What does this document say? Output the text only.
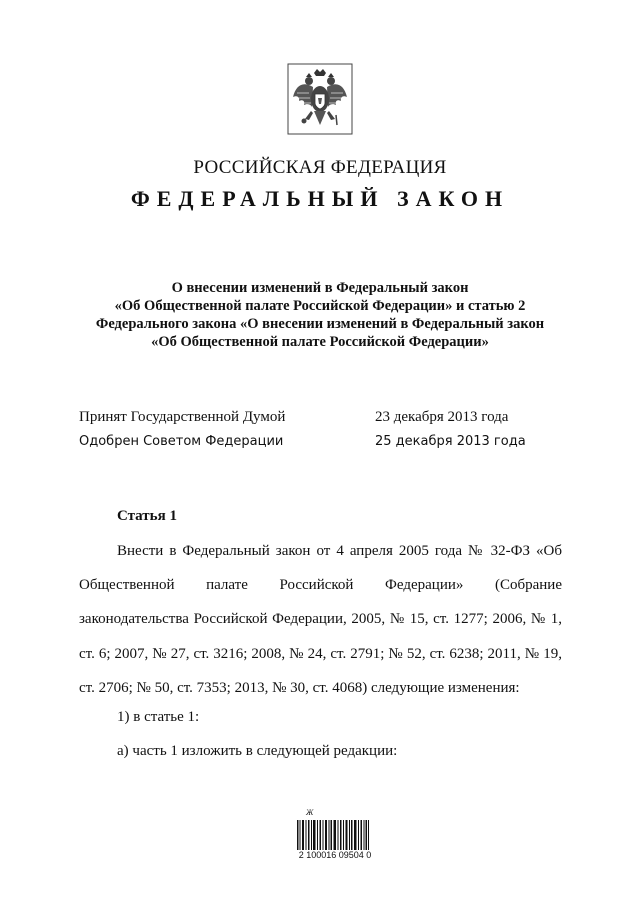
РОССИЙСКАЯ ФЕДЕРАЦИЯ
ФЕДЕРАЛЬНЫЙ ЗАКОН
О внесении изменений в Федеральный закон
«Об Общественной палате Российской Федерации» и статью 2
Федерального закона «О внесении изменений в Федеральный закон
«Об Общественной палате Российской Федерации»
Принят Государственной Думой	23 декабря 2013 года
Одобрен Советом Федерации	25 декабря 2013 года
Статья 1
Внести в Федеральный закон от 4 апреля 2005 года № 32-ФЗ «Об Общественной палате Российской Федерации» (Собрание законодательства Российской Федерации, 2005, № 15, ст. 1277; 2006, № 1, ст. 6; 2007, № 27, ст. 3216; 2008, № 24, ст. 2791; № 52, ст. 6238; 2011, № 19, ст. 2706; № 50, ст. 7353; 2013, № 30, ст. 4068) следующие изменения:
1) в статье 1:
а) часть 1 изложить в следующей редакции:
Ж
2 100016 09504 0
